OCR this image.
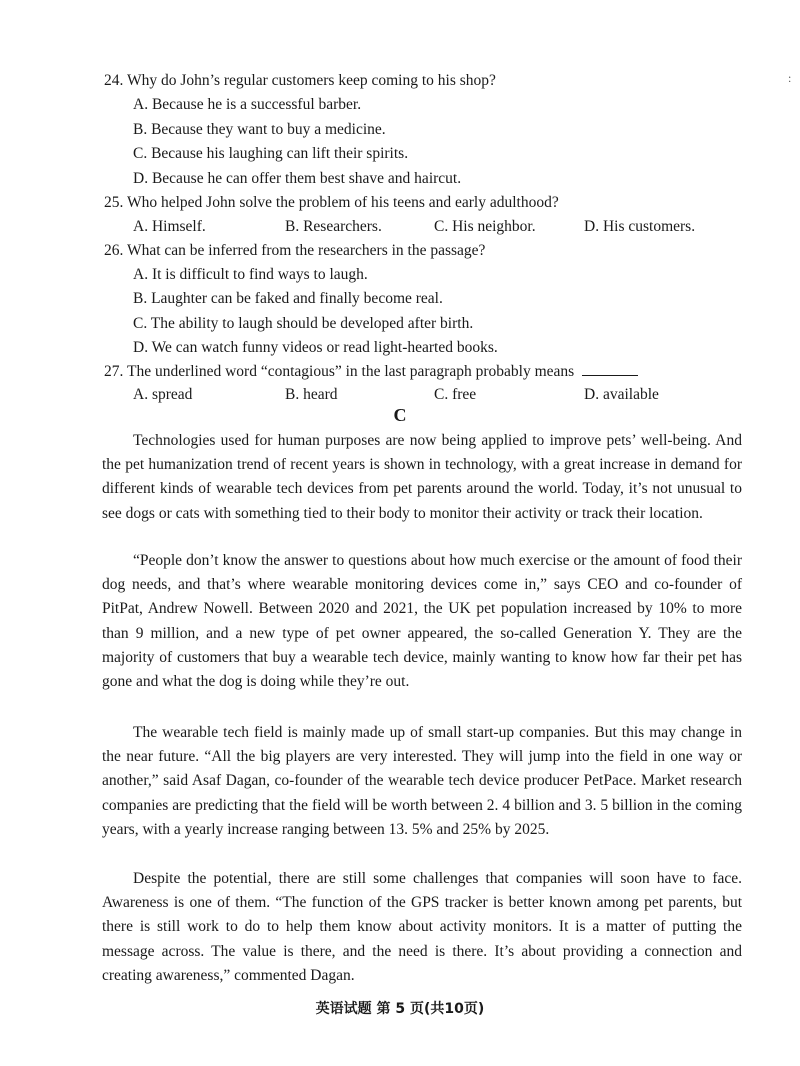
:
24. Why do John’s regular customers keep coming to his shop?
A. Because he is a successful barber.
B. Because they want to buy a medicine.
C. Because his laughing can lift their spirits.
D. Because he can offer them best shave and haircut.
25. Who helped John solve the problem of his teens and early adulthood?
A. Himself.	B. Researchers.	C. His neighbor.	D. His customers.
26. What can be inferred from the researchers in the passage?
A. It is difficult to find ways to laugh.
B. Laughter can be faked and finally become real.
C. The ability to laugh should be developed after birth.
D. We can watch funny videos or read light-hearted books.
27. The underlined word “contagious” in the last paragraph probably means
A. spread	B. heard	C. free	D. available
C

Technologies used for human purposes are now being applied to improve pets’ well-being. And the pet humanization trend of recent years is shown in technology, with a great increase in demand for different kinds of wearable tech devices from pet parents around the world. Today, it’s not unusual to see dogs or cats with something tied to their body to monitor their activity or track their location.

“People don’t know the answer to questions about how much exercise or the amount of food their dog needs, and that’s where wearable monitoring devices come in,” says CEO and co-founder of PitPat, Andrew Nowell. Between 2020 and 2021, the UK pet population increased by 10% to more than 9 million, and a new type of pet owner appeared, the so-called Generation Y. They are the majority of customers that buy a wearable tech device, mainly wanting to know how far their pet has gone and what the dog is doing while they’re out.

The wearable tech field is mainly made up of small start-up companies. But this may change in the near future. “All the big players are very interested. They will jump into the field in one way or another,” said Asaf Dagan, co-founder of the wearable tech device producer PetPace. Market research companies are predicting that the field will be worth between 2. 4 billion and 3. 5 billion in the coming years, with a yearly increase ranging between 13. 5% and 25% by 2025.

Despite the potential, there are still some challenges that companies will soon have to face. Awareness is one of them. “The function of the GPS tracker is better known among pet parents, but there is still work to do to help them know about activity monitors. It is a matter of putting the message across. The value is there, and the need is there. It’s about providing a connection and creating awareness,” commented Dagan.

英语试题 第 5 页(共10页)
